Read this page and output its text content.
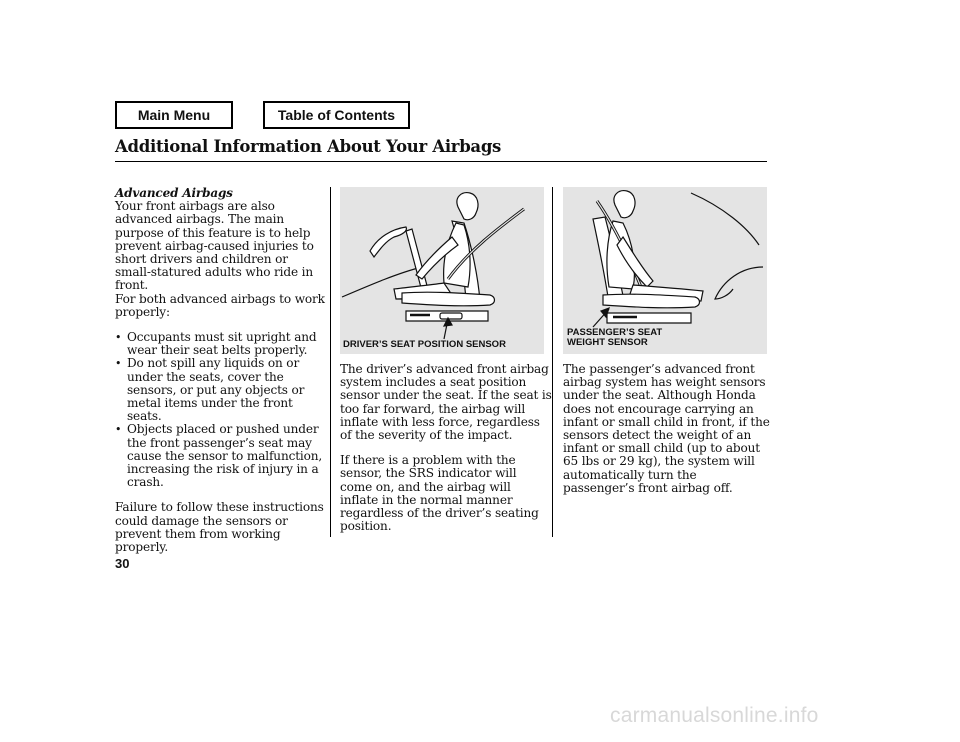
Main Menu	Table of Contents
Additional Information About Your Airbags

Advanced Airbags

Your front airbags are also advanced airbags. The main purpose of this feature is to help prevent airbag-caused injuries to short drivers and children or small-statured adults who ride in front.

For both advanced airbags to work properly:

• Occupants must sit upright and wear their seat belts properly.
• Do not spill any liquids on or under the seats, cover the sensors, or put any objects or metal items under the front seats.
• Objects placed or pushed under the front passenger’s seat may cause the sensor to malfunction, increasing the risk of injury in a crash.

Failure to follow these instructions could damage the sensors or prevent them from working properly.

DRIVER’S SEAT POSITION SENSOR

The driver’s advanced front airbag system includes a seat position sensor under the seat. If the seat is too far forward, the airbag will inflate with less force, regardless of the severity of the impact.

If there is a problem with the sensor, the SRS indicator will come on, and the airbag will inflate in the normal manner regardless of the driver’s seating position.

PASSENGER’S SEAT
WEIGHT SENSOR

The passenger’s advanced front airbag system has weight sensors under the seat. Although Honda does not encourage carrying an infant or small child in front, if the sensors detect the weight of an infant or small child (up to about 65 lbs or 29 kg), the system will automatically turn the passenger’s front airbag off.

30
carmanualsonline.info
